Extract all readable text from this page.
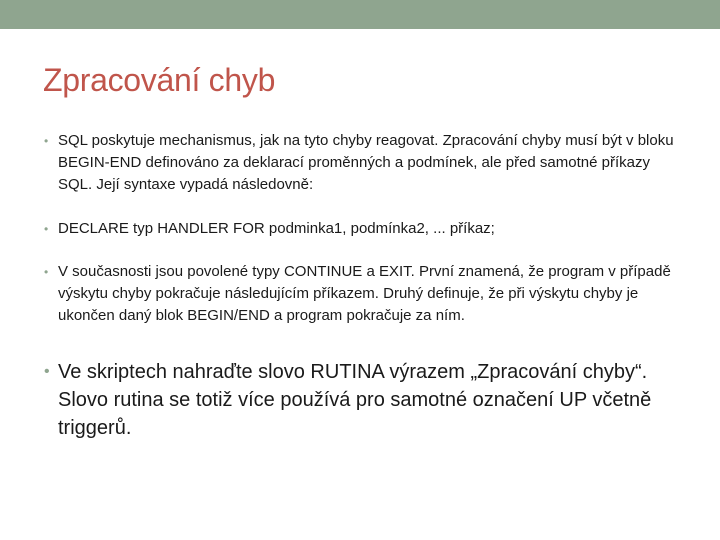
Zpracování chyb
• SQL poskytuje mechanismus, jak na tyto chyby reagovat. Zpracování chyby musí být v bloku BEGIN-END definováno za deklarací proměnných a podmínek, ale před samotné příkazy SQL. Její syntaxe vypadá následovně:
• DECLARE typ HANDLER FOR podminka1, podmínka2, ... příkaz;
• V současnosti jsou povolené typy CONTINUE a EXIT. První znamená, že program v případě výskytu chyby pokračuje následujícím příkazem. Druhý definuje, že při výskytu chyby je ukončen daný blok BEGIN/END a program pokračuje za ním.
• Ve skriptech nahraďte slovo RUTINA výrazem „Zpracování chyby“. Slovo rutina se totiž více používá pro samotné označení UP včetně triggerů.
